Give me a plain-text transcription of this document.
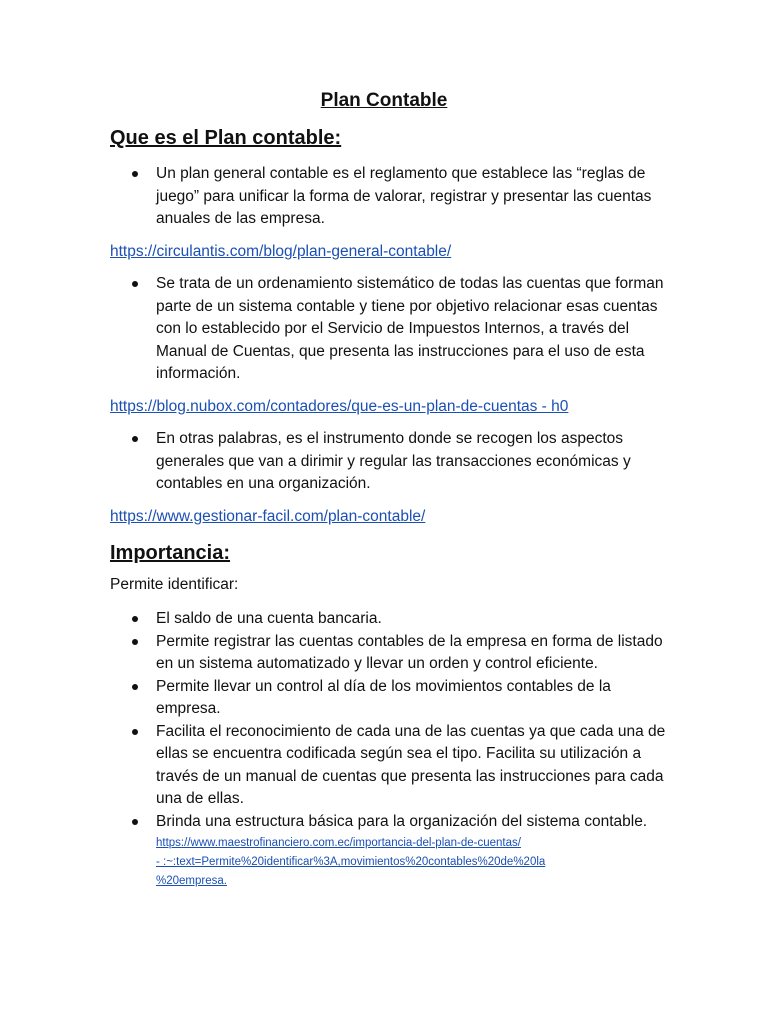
Plan Contable
Que es el Plan contable:
Un plan general contable es el reglamento que establece las “reglas de juego” para unificar la forma de valorar, registrar y presentar las cuentas anuales de las empresa.
https://circulantis.com/blog/plan-general-contable/
Se trata de un ordenamiento sistemático de todas las cuentas que forman parte de un sistema contable y tiene por objetivo relacionar esas cuentas con lo establecido por el Servicio de Impuestos Internos, a través del Manual de Cuentas, que presenta las instrucciones para el uso de esta información.
https://blog.nubox.com/contadores/que-es-un-plan-de-cuentas - h0
En otras palabras, es el instrumento donde se recogen los aspectos generales que van a dirimir y regular las transacciones económicas y contables en una organización.
https://www.gestionar-facil.com/plan-contable/
Importancia:

Permite identificar:

El saldo de una cuenta bancaria.
Permite registrar las cuentas contables de la empresa en forma de listado en un sistema automatizado y llevar un orden y control eficiente.
Permite llevar un control al día de los movimientos contables de la empresa.
Facilita el reconocimiento de cada una de las cuentas ya que cada una de ellas se encuentra codificada según sea el tipo. Facilita su utilización a través de un manual de cuentas que presenta las instrucciones para cada una de ellas.
Brinda una estructura básica para la organización del sistema contable.
https://www.maestrofinanciero.com.ec/importancia-del-plan-de-cuentas/
- :~:text=Permite%20identificar%3A,movimientos%20contables%20de%20la
%20empresa.
